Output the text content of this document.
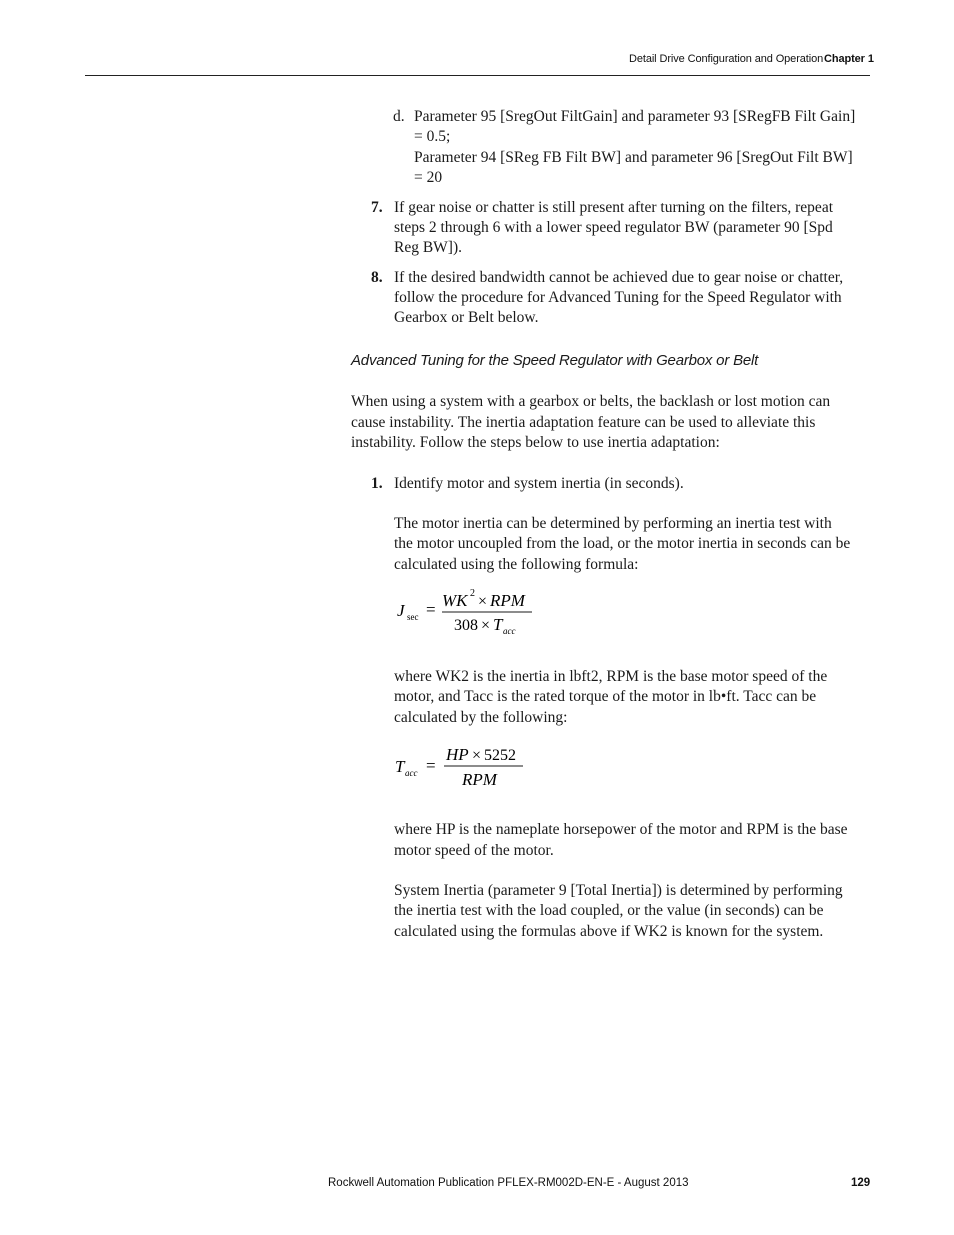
Detail Drive Configuration and Operation Chapter 1
d. Parameter 95 [SregOut FiltGain] and parameter 93 [SRegFB Filt Gain]
= 0.5;
Parameter 94 [SReg FB Filt BW] and parameter 96 [SregOut Filt BW]
= 20
7. If gear noise or chatter is still present after turning on the filters, repeat
steps 2 through 6 with a lower speed regulator BW (parameter 90 [Spd
Reg BW]).
8. If the desired bandwidth cannot be achieved due to gear noise or chatter,
follow the procedure for Advanced Tuning for the Speed Regulator with
Gearbox or Belt below.
Advanced Tuning for the Speed Regulator with Gearbox or Belt
When using a system with a gearbox or belts, the backlash or lost motion can
cause instability. The inertia adaptation feature can be used to alleviate this
instability. Follow the steps below to use inertia adaptation:
1. Identify motor and system inertia (in seconds).
The motor inertia can be determined by performing an inertia test with
the motor uncoupled from the load, or the motor inertia in seconds can be
calculated using the following formula:
J sec = WK 2 × RPM
308 × T acc
where WK2 is the inertia in lbft2, RPM is the base motor speed of the
motor, and Tacc is the rated torque of the motor in lb•ft. Tacc can be
calculated by the following:
T acc =
HP × 5252
RPM
where HP is the nameplate horsepower of the motor and RPM is the base
motor speed of the motor.
System Inertia (parameter 9 [Total Inertia]) is determined by performing
the inertia test with the load coupled, or the value (in seconds) can be
calculated using the formulas above if WK2 is known for the system.
Rockwell Automation Publication PFLEX-RM002D-EN-E - August 2013	129
